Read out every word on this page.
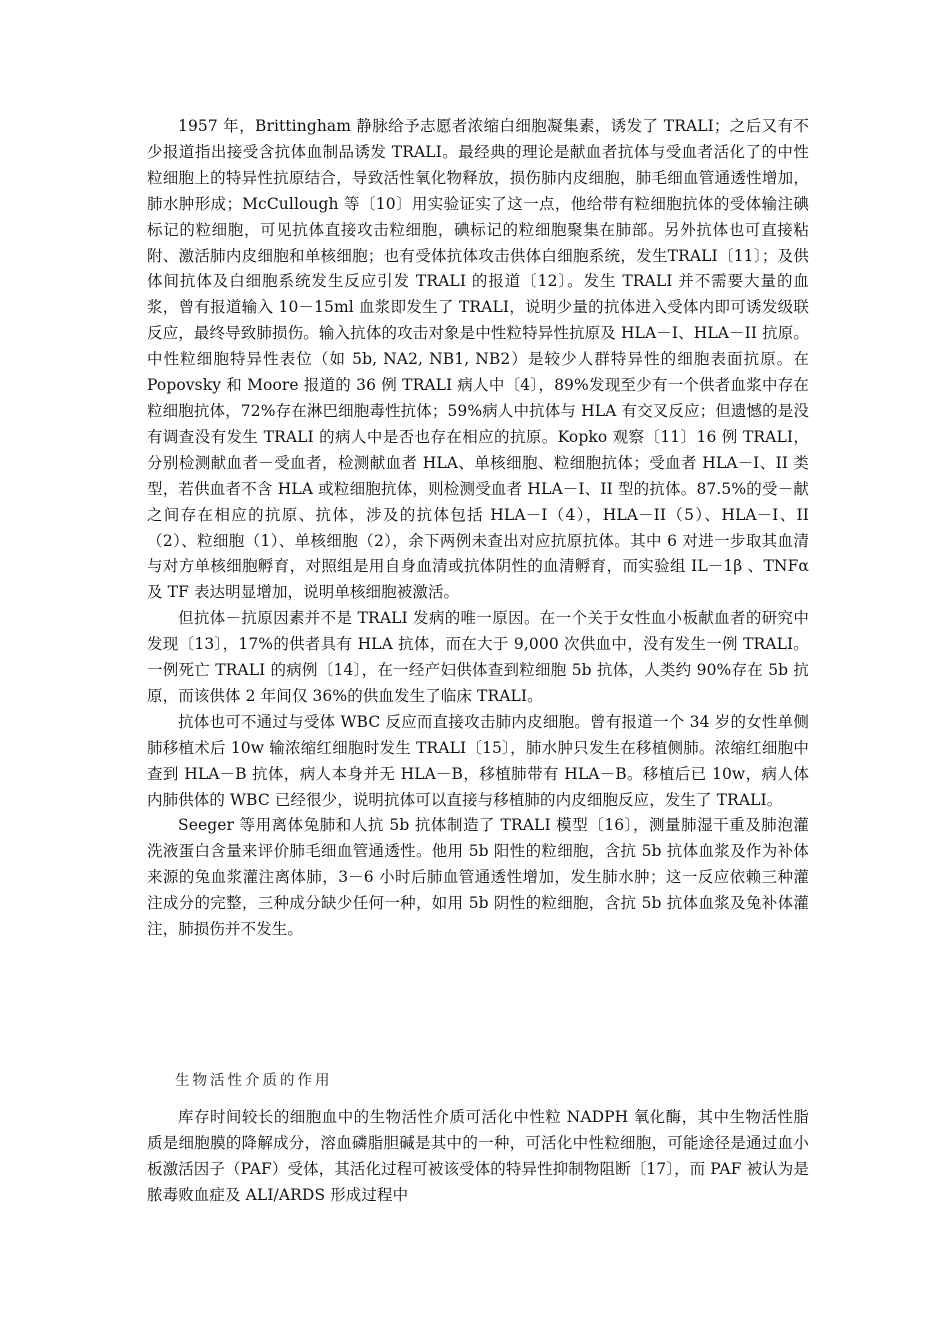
1957 年，Brittingham 静脉给予志愿者浓缩白细胞凝集素，诱发了 TRALI；之后又有不少报道指出接受含抗体血制品诱发 TRALI。最经典的理论是献血者抗体与受血者活化了的中性粒细胞上的特异性抗原结合，导致活性氧化物释放，损伤肺内皮细胞，肺毛细血管通透性增加，肺水肿形成；McCullough 等〔10〕用实验证实了这一点，他给带有粒细胞抗体的受体输注碘标记的粒细胞，可见抗体直接攻击粒细胞，碘标记的粒细胞聚集在肺部。另外抗体也可直接粘附、激活肺内皮细胞和单核细胞；也有受体抗体攻击供体白细胞系统，发生TRALI〔11〕；及供体间抗体及白细胞系统发生反应引发 TRALI 的报道〔12〕。发生 TRALI 并不需要大量的血浆，曾有报道输入 10－15ml 血浆即发生了 TRALI，说明少量的抗体进入受体内即可诱发级联反应，最终导致肺损伤。输入抗体的攻击对象是中性粒特异性抗原及 HLA－I、HLA－II 抗原。中性粒细胞特异性表位（如 5b, NA2, NB1, NB2）是较少人群特异性的细胞表面抗原。在 Popovsky 和 Moore 报道的 36 例 TRALI 病人中〔4〕，89%发现至少有一个供者血浆中存在粒细胞抗体，72%存在淋巴细胞毒性抗体；59%病人中抗体与 HLA 有交叉反应；但遗憾的是没有调查没有发生 TRALI 的病人中是否也存在相应的抗原。Kopko 观察〔11〕16 例 TRALI，分别检测献血者－受血者，检测献血者 HLA、单核细胞、粒细胞抗体；受血者 HLA－I、II 类型，若供血者不含 HLA 或粒细胞抗体，则检测受血者 HLA－I、II 型的抗体。87.5%的受－献之间存在相应的抗原、抗体，涉及的抗体包括 HLA－I（4），HLA－II（5）、HLA－I、II（2）、粒细胞（1）、单核细胞（2），余下两例未查出对应抗原抗体。其中 6 对进一步取其血清与对方单核细胞孵育，对照组是用自身血清或抗体阴性的血清孵育，而实验组 IL－1β 、TNFα 及 TF 表达明显增加，说明单核细胞被激活。

但抗体－抗原因素并不是 TRALI 发病的唯一原因。在一个关于女性血小板献血者的研究中发现〔13〕，17%的供者具有 HLA 抗体，而在大于 9,000 次供血中，没有发生一例 TRALI。一例死亡 TRALI 的病例〔14〕，在一经产妇供体查到粒细胞 5b 抗体，人类约 90%存在 5b 抗原，而该供体 2 年间仅 36%的供血发生了临床 TRALI。

抗体也可不通过与受体 WBC 反应而直接攻击肺内皮细胞。曾有报道一个 34 岁的女性单侧肺移植术后 10w 输浓缩红细胞时发生 TRALI〔15〕，肺水肿只发生在移植侧肺。浓缩红细胞中查到 HLA－B 抗体，病人本身并无 HLA－B，移植肺带有 HLA－B。移植后已 10w，病人体内肺供体的 WBC 已经很少，说明抗体可以直接与移植肺的内皮细胞反应，发生了 TRALI。

Seeger 等用离体兔肺和人抗 5b 抗体制造了 TRALI 模型〔16〕，测量肺湿干重及肺泡灌洗液蛋白含量来评价肺毛细血管通透性。他用 5b 阳性的粒细胞，含抗 5b 抗体血浆及作为补体来源的兔血浆灌注离体肺，3－6 小时后肺血管通透性增加，发生肺水肿；这一反应依赖三种灌注成分的完整，三种成分缺少任何一种，如用 5b 阴性的粒细胞，含抗 5b 抗体血浆及兔补体灌注，肺损伤并不发生。

生物活性介质的作用

库存时间较长的细胞血中的生物活性介质可活化中性粒 NADPH 氧化酶，其中生物活性脂质是细胞膜的降解成分，溶血磷脂胆碱是其中的一种，可活化中性粒细胞，可能途径是通过血小板激活因子（PAF）受体，其活化过程可被该受体的特异性抑制物阻断〔17〕，而 PAF 被认为是脓毒败血症及 ALI/ARDS 形成过程中
